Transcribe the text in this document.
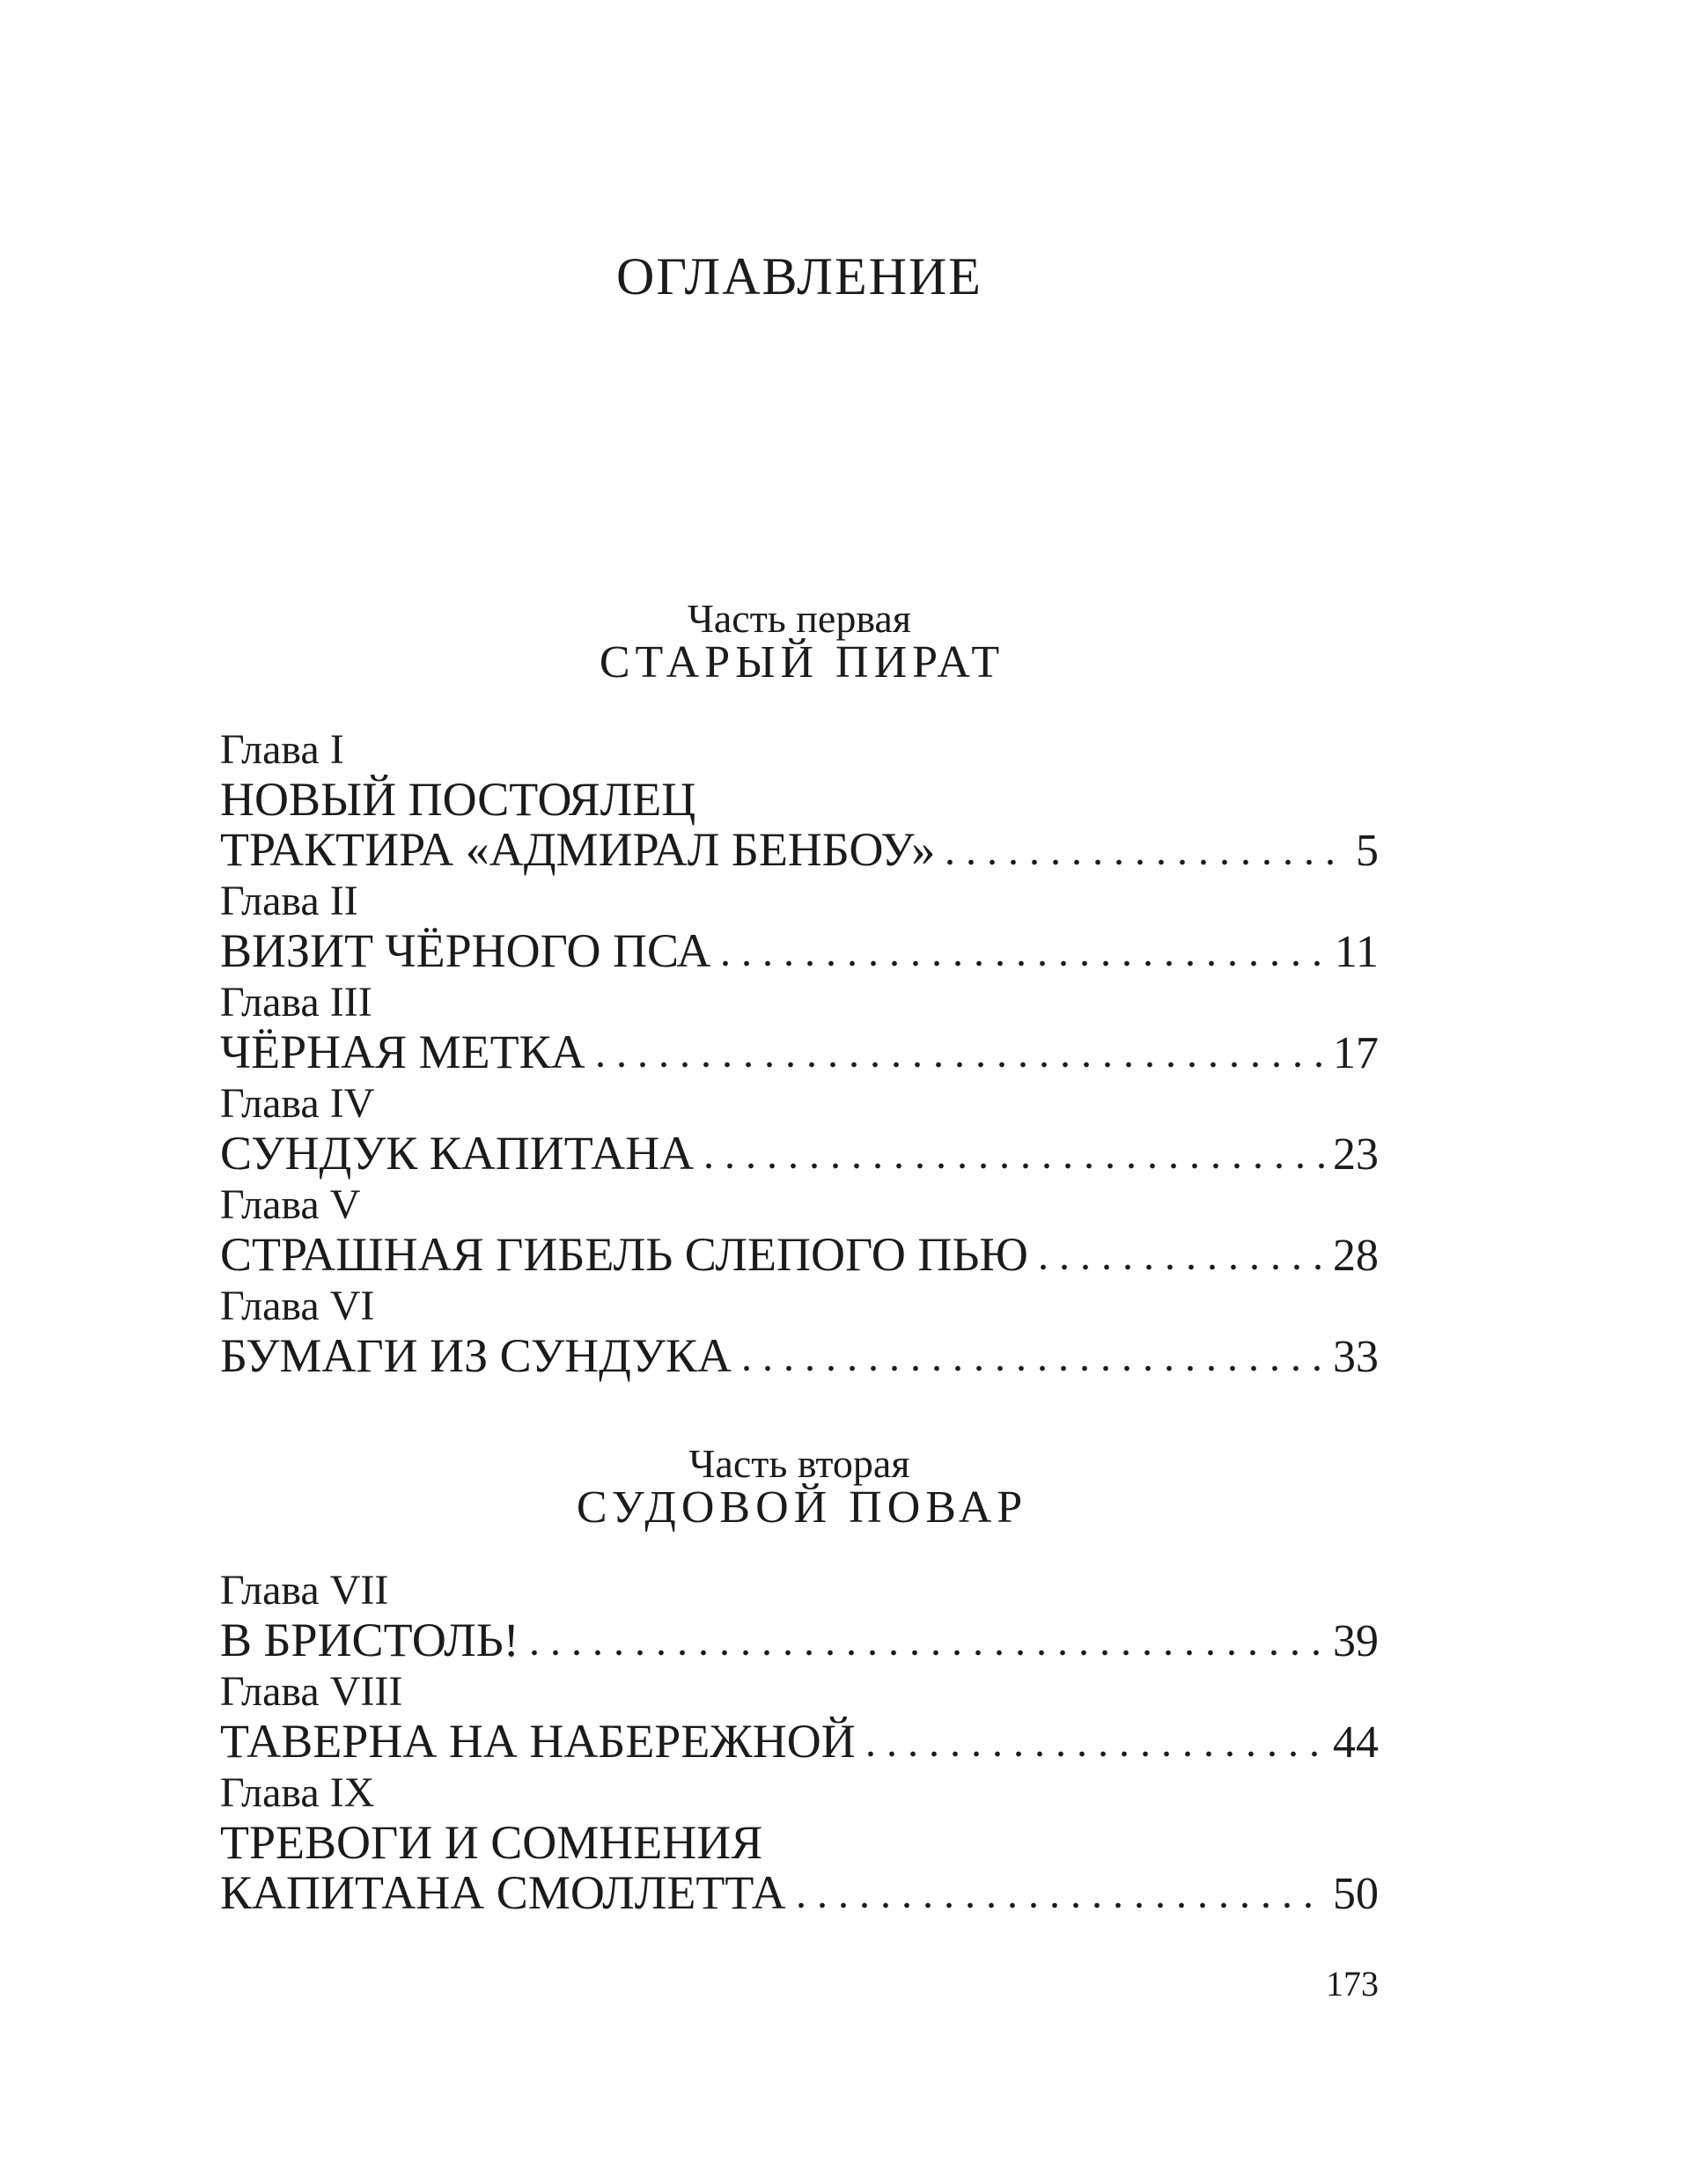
ОГЛАВЛЕНИЕ
Часть первая
СТАРЫЙ ПИРАТ
Глава I
НОВЫЙ ПОСТОЯЛЕЦ
ТРАКТИРА «АДМИРАЛ БЕНБОУ»	5
Глава II
ВИЗИТ ЧЁРНОГО ПСА	11
Глава III
ЧЁРНАЯ МЕТКА	17
Глава IV
СУНДУК КАПИТАНА	23
Глава V
СТРАШНАЯ ГИБЕЛЬ СЛЕПОГО ПЬЮ	28
Глава VI
БУМАГИ ИЗ СУНДУКА	33
Часть вторая
СУДОВОЙ ПОВАР
Глава VII
В БРИСТОЛЬ!	39
Глава VIII
ТАВЕРНА НА НАБЕРЕЖНОЙ	44
Глава IX
ТРЕВОГИ И СОМНЕНИЯ
КАПИТАНА СМОЛЛЕТТА	50
173
